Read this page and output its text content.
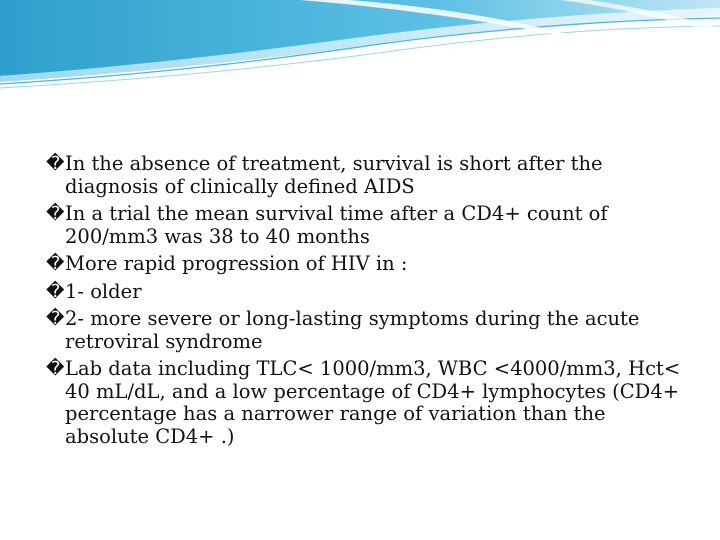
� In the absence of treatment, survival is short after the diagnosis of clinically defined AIDS
� In a trial the mean survival time after a CD4+ count of 200/mm3 was 38 to 40 months
� More rapid progression of HIV in :
� 1- older
� 2- more severe or long-lasting symptoms during the acute retroviral syndrome
� Lab data including TLC< 1000/mm3, WBC <4000/mm3, Hct< 40 mL/dL, and a low percentage of CD4+ lymphocytes (CD4+ percentage has a narrower range of variation than the absolute CD4+ .)
